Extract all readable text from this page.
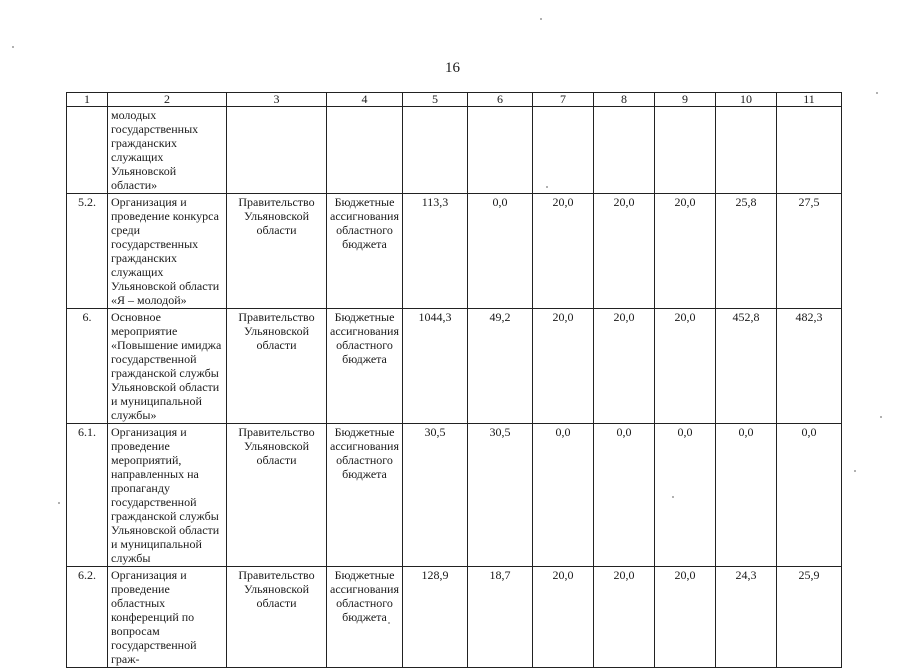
16
1	2	3	4	5	6	7	8	9	10	11
	молодых государственных гражданских служащих Ульяновской области»									
5.2.	Организация и проведение конкурса среди государственных гражданских служащих Ульяновской области «Я – молодой»	Правительство Ульяновской области	Бюджетные ассигнования областного бюджета	113,3	0,0	20,0	20,0	20,0	25,8	27,5
6.	Основное мероприятие «Повышение имиджа государственной гражданской службы Ульяновской области и муниципальной службы»	Правительство Ульяновской области	Бюджетные ассигнования областного бюджета	1044,3	49,2	20,0	20,0	20,0	452,8	482,3
6.1.	Организация и проведение мероприятий, направленных на пропаганду государственной гражданской службы Ульяновской области и муниципальной службы	Правительство Ульяновской области	Бюджетные ассигнования областного бюджета	30,5	30,5	0,0	0,0	0,0	0,0	0,0
6.2.	Организация и проведение областных конференций по вопросам государственной граж-	Правительство Ульяновской области	Бюджетные ассигнования областного бюджета	128,9	18,7	20,0	20,0	20,0	24,3	25,9
